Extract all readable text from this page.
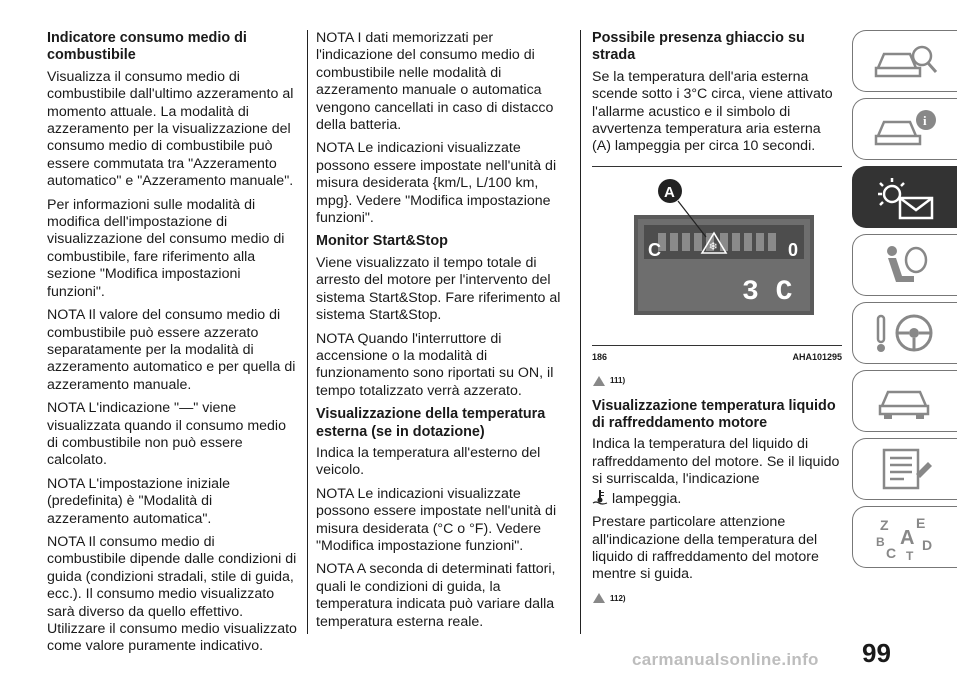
Indicatore consumo medio di combustibile

Visualizza il consumo medio di combustibile dall'ultimo azzeramento al momento attuale. La modalità di azzeramento per la visualizzazione del consumo medio di combustibile può essere commutata tra "Azzeramento automatico" e "Azzeramento manuale".

Per informazioni sulle modalità di modifica dell'impostazione di visualizzazione del consumo medio di combustibile, fare riferimento alla sezione "Modifica impostazioni funzioni".

NOTA Il valore del consumo medio di combustibile può essere azzerato separatamente per la modalità di azzeramento automatico e per quella di azzeramento manuale.

NOTA L'indicazione "—" viene visualizzata quando il consumo medio di combustibile non può essere calcolato.

NOTA L'impostazione iniziale (predefinita) è "Modalità di azzeramento automatica".

NOTA Il consumo medio di combustibile dipende dalle condizioni di guida (condizioni stradali, stile di guida, ecc.). Il consumo medio visualizzato sarà diverso da quello effettivo. Utilizzare il consumo medio visualizzato come valore puramente indicativo.

NOTA I dati memorizzati per l'indicazione del consumo medio di combustibile nelle modalità di azzeramento manuale o automatica vengono cancellati in caso di distacco della batteria.

NOTA Le indicazioni visualizzate possono essere impostate nell'unità di misura desiderata {km/L, L/100 km, mpg}. Vedere "Modifica impostazione funzioni".

Monitor Start&Stop

Viene visualizzato il tempo totale di arresto del motore per l'intervento del sistema Start&Stop. Fare riferimento al sistema Start&Stop.

NOTA Quando l'interruttore di accensione o la modalità di funzionamento sono riportati su ON, il tempo totalizzato verrà azzerato.

Visualizzazione della temperatura esterna (se in dotazione)

Indica la temperatura all'esterno del veicolo.

NOTA Le indicazioni visualizzate possono essere impostate nell'unità di misura desiderata (°C o °F). Vedere "Modifica impostazione funzioni".

NOTA A seconda di determinati fattori, quali le condizioni di guida, la temperatura indicata può variare dalla temperatura esterna reale.

Possibile presenza ghiaccio su strada

Se la temperatura dell'aria esterna scende sotto i 3°C circa, viene attivato l'allarme acustico e il simbolo di avvertenza temperatura aria esterna (A) lampeggia per circa 10 secondi.

C	0
❄
3 C
A
186	AHA101295
111)
Visualizzazione temperatura liquido di raffreddamento motore

Indica la temperatura del liquido di raffreddamento del motore. Se il liquido si surriscalda, l'indicazione

lampeggia.

Prestare particolare attenzione all'indicazione della temperatura del liquido di raffreddamento del motore mentre si guida.

112)
i
Z E
A
B	D
C T
99
carmanualsonline.info
